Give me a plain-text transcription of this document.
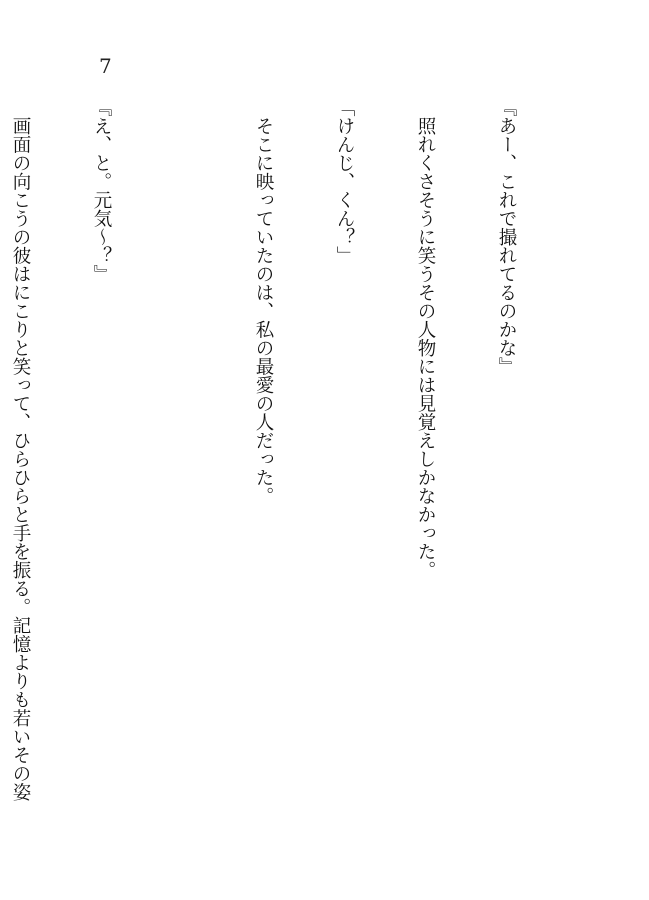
7

『あー、これで撮れてるのかな』

　照れくさそうに笑うその人物には見覚えしかなかった。

「けんじ、くん？」

　そこに映っていたのは、私の最愛の人だった。

『え、と。元気～？』

　画面の向こうの彼はにこりと笑って、ひらひらと手を振る。記憶よりも若いその姿
